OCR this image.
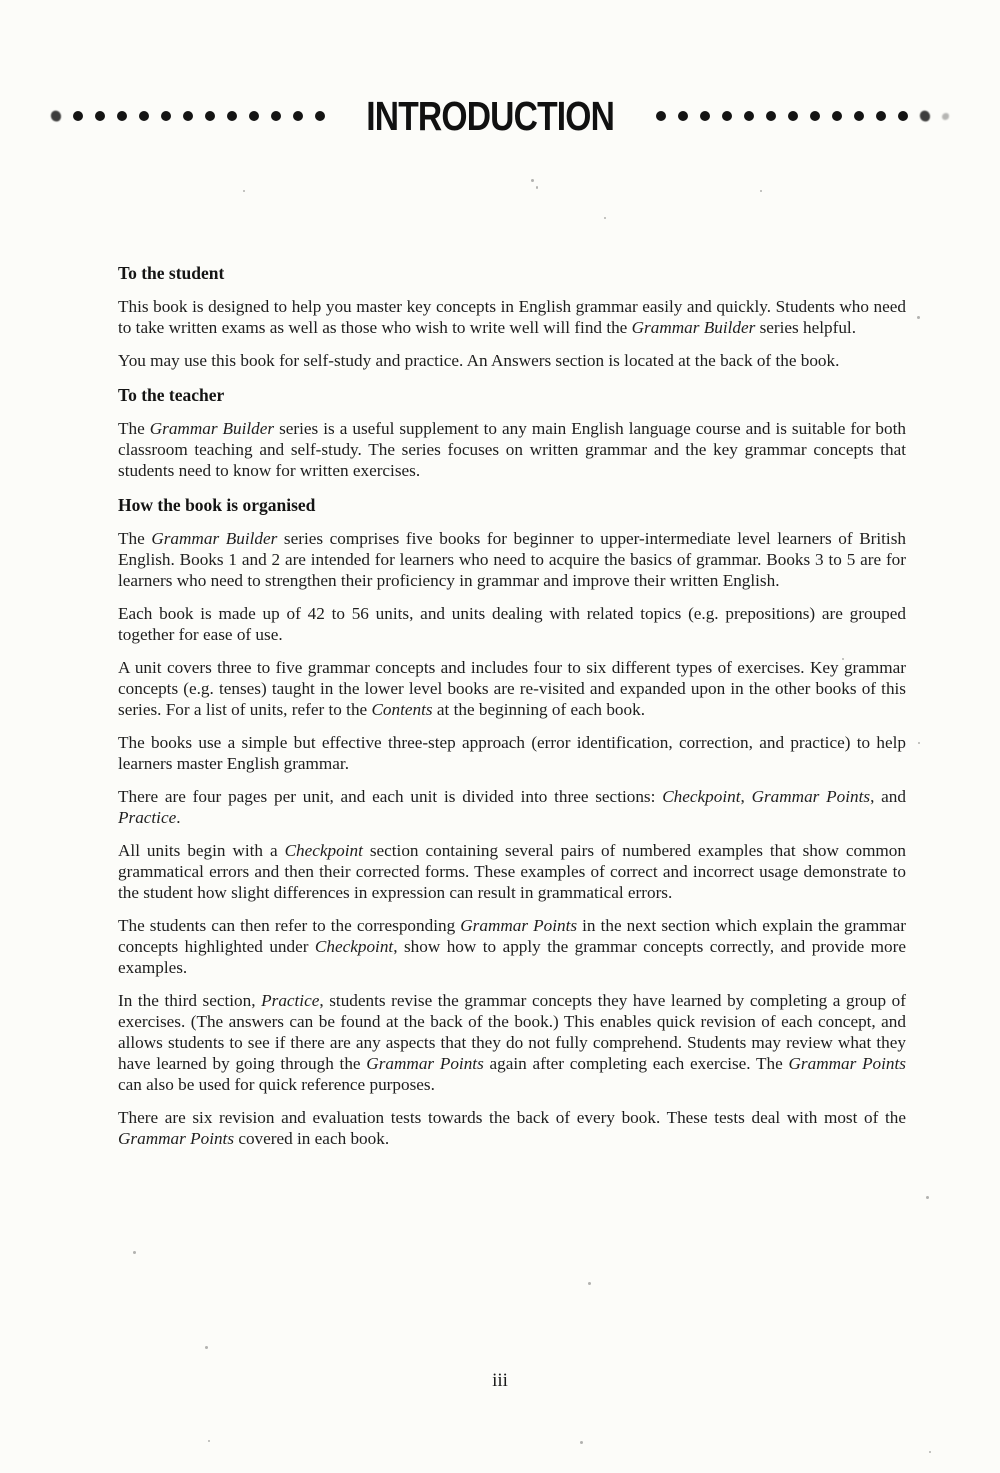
INTRODUCTION
To the student

This book is designed to help you master key concepts in English grammar easily and quickly. Students who need to take written exams as well as those who wish to write well will find the Grammar Builder series helpful.

You may use this book for self-study and practice. An Answers section is located at the back of the book.

To the teacher

The Grammar Builder series is a useful supplement to any main English language course and is suitable for both classroom teaching and self-study. The series focuses on written grammar and the key grammar concepts that students need to know for written exercises.

How the book is organised

The Grammar Builder series comprises five books for beginner to upper-intermediate level learners of British English. Books 1 and 2 are intended for learners who need to acquire the basics of grammar. Books 3 to 5 are for learners who need to strengthen their proficiency in grammar and improve their written English.

Each book is made up of 42 to 56 units, and units dealing with related topics (e.g. prepositions) are grouped together for ease of use.

A unit covers three to five grammar concepts and includes four to six different types of exercises. Key grammar concepts (e.g. tenses) taught in the lower level books are re-visited and expanded upon in the other books of this series. For a list of units, refer to the Contents at the beginning of each book.

The books use a simple but effective three-step approach (error identification, correction, and practice) to help learners master English grammar.

There are four pages per unit, and each unit is divided into three sections: Checkpoint, Grammar Points, and Practice.

All units begin with a Checkpoint section containing several pairs of numbered examples that show common grammatical errors and then their corrected forms. These examples of correct and incorrect usage demonstrate to the student how slight differences in expression can result in grammatical errors.

The students can then refer to the corresponding Grammar Points in the next section which explain the grammar concepts highlighted under Checkpoint, show how to apply the grammar concepts correctly, and provide more examples.

In the third section, Practice, students revise the grammar concepts they have learned by completing a group of exercises. (The answers can be found at the back of the book.) This enables quick revision of each concept, and allows students to see if there are any aspects that they do not fully comprehend. Students may review what they have learned by going through the Grammar Points again after completing each exercise. The Grammar Points can also be used for quick reference purposes.

There are six revision and evaluation tests towards the back of every book. These tests deal with most of the Grammar Points covered in each book.

iii
